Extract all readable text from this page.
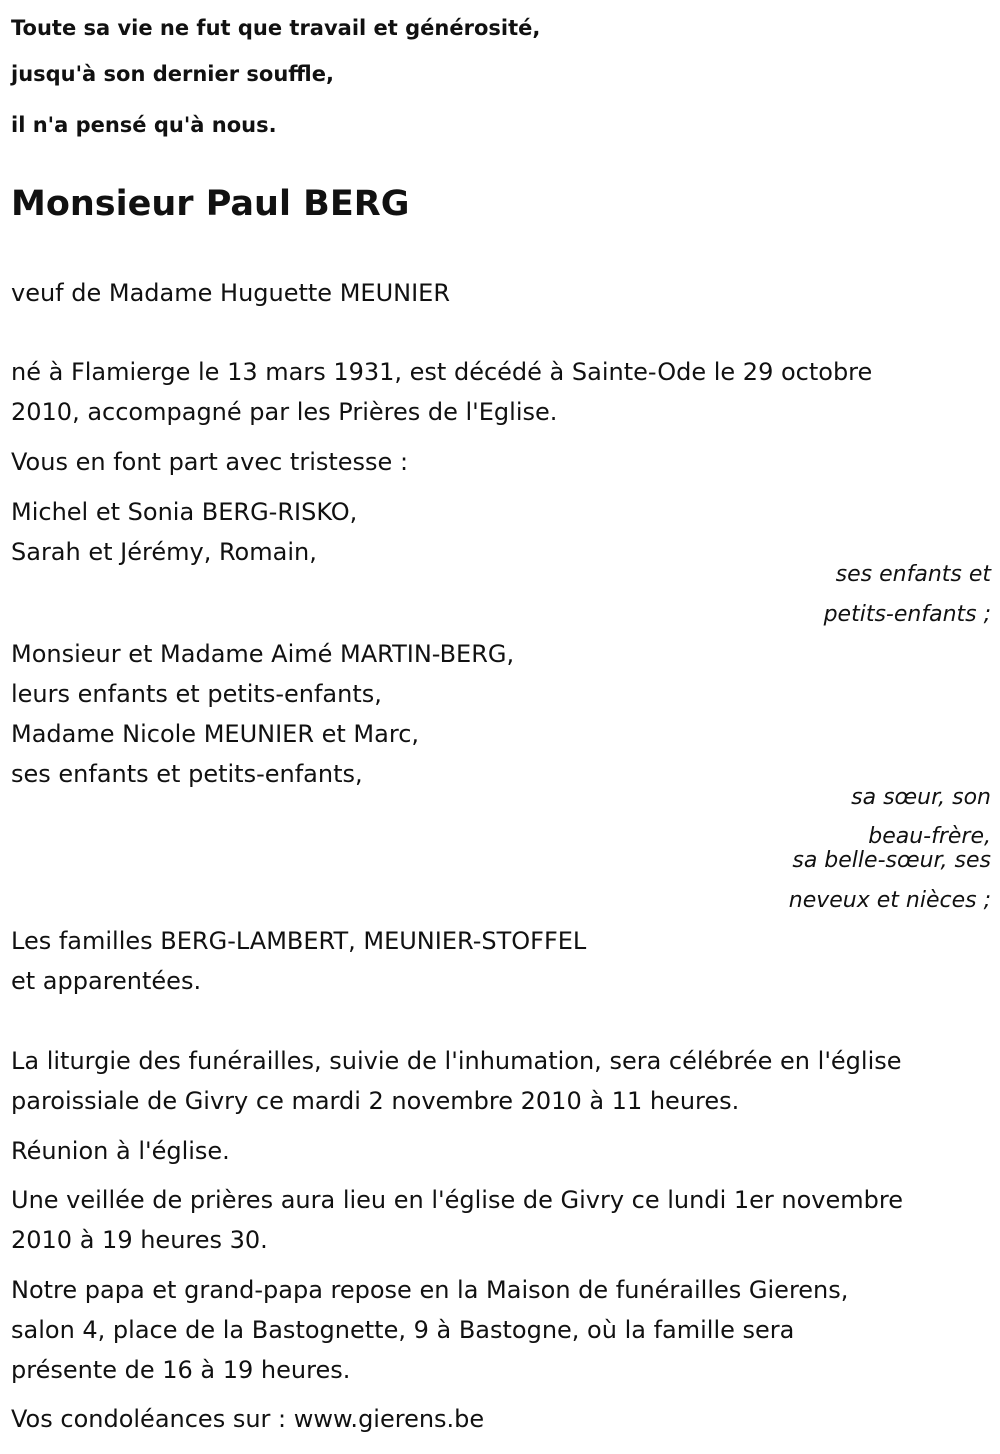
Toute sa vie ne fut que travail et générosité,

jusqu'à son dernier souffle,

il n'a pensé qu'à nous.

Monsieur Paul BERG

veuf de Madame Huguette MEUNIER

né à Flamierge le 13 mars 1931, est décédé à Sainte-Ode le 29 octobre

2010, accompagné par les Prières de l'Eglise.

Vous en font part avec tristesse :

Michel et Sonia BERG-RISKO,

Sarah et Jérémy, Romain,

ses enfants et
petits-enfants ;

Monsieur et Madame Aimé MARTIN-BERG,

leurs enfants et petits-enfants,

Madame Nicole MEUNIER et Marc,

ses enfants et petits-enfants,

sa sœur, son
beau-frère,
sa belle-sœur, ses
neveux et nièces ;

Les familles BERG-LAMBERT, MEUNIER-STOFFEL

et apparentées.

La liturgie des funérailles, suivie de l'inhumation, sera célébrée en l'église

paroissiale de Givry ce mardi 2 novembre 2010 à 11 heures.

Réunion à l'église.

Une veillée de prières aura lieu en l'église de Givry ce lundi 1er novembre

2010 à 19 heures 30.

Notre papa et grand-papa repose en la Maison de funérailles Gierens,

salon 4, place de la Bastognette, 9 à Bastogne, où la famille sera

présente de 16 à 19 heures.

Vos condoléances sur : www.gierens.be
